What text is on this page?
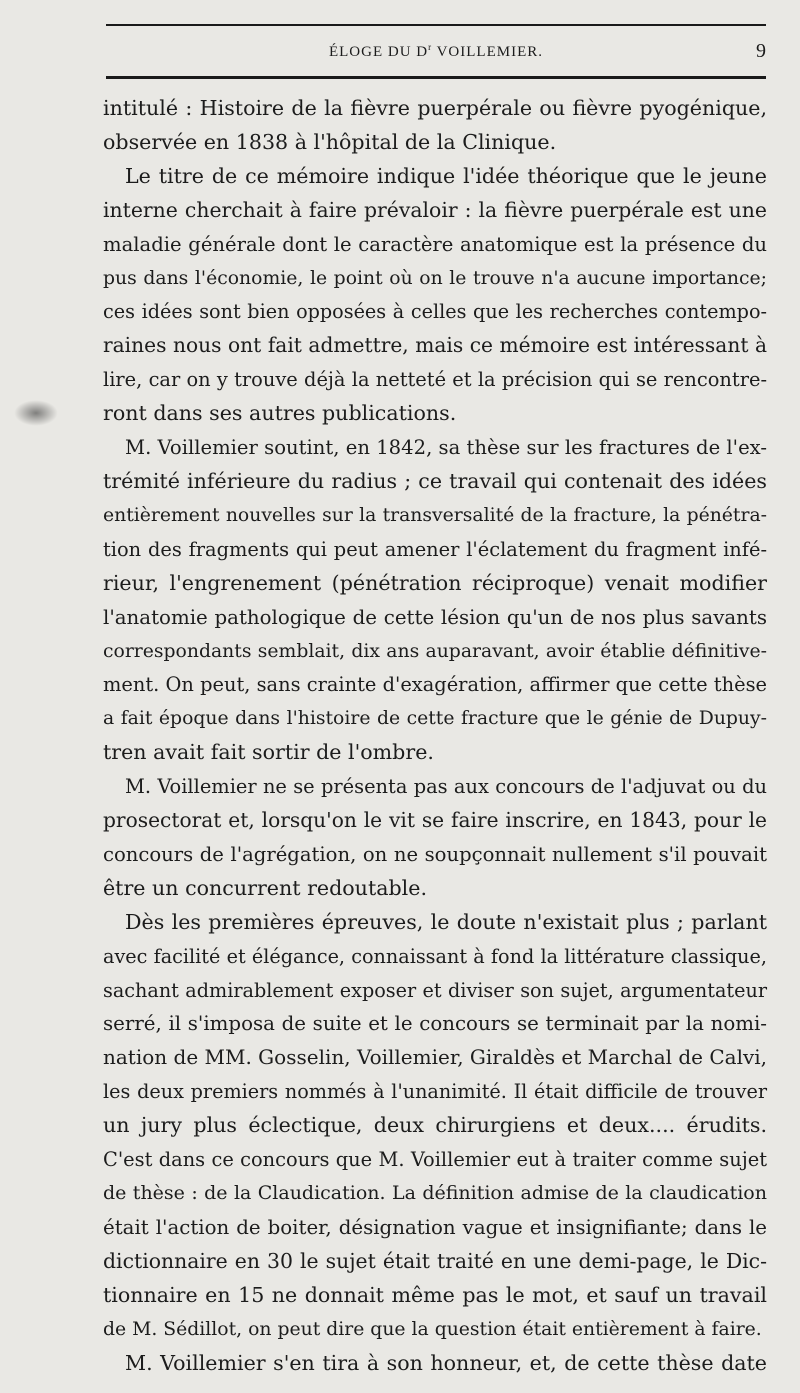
ÉLOGE DU $D^r$ VOILLEMIER.	9

intitulé : Histoire de la fièvre puerpérale ou fièvre pyogénique,

observée en 1838 à l'hôpital de la Clinique.

Le titre de ce mémoire indique l'idée théorique que le jeune

interne cherchait à faire prévaloir : la fièvre puerpérale est une

maladie générale dont le caractère anatomique est la présence du

pus dans l'économie, le point où on le trouve n'a aucune importance;

ces idées sont bien opposées à celles que les recherches contempo-

raines nous ont fait admettre, mais ce mémoire est intéressant à

lire, car on y trouve déjà la netteté et la précision qui se rencontre-

ront dans ses autres publications.

M. Voillemier soutint, en 1842, sa thèse sur les fractures de l'ex-

trémité inférieure du radius ; ce travail qui contenait des idées

entièrement nouvelles sur la transversalité de la fracture, la pénétra-

tion des fragments qui peut amener l'éclatement du fragment infé-

rieur, l'engrenement (pénétration réciproque) venait modifier

l'anatomie pathologique de cette lésion qu'un de nos plus savants

correspondants semblait, dix ans auparavant, avoir établie définitive-

ment. On peut, sans crainte d'exagération, affirmer que cette thèse

a fait époque dans l'histoire de cette fracture que le génie de Dupuy-

tren avait fait sortir de l'ombre.

M. Voillemier ne se présenta pas aux concours de l'adjuvat ou du

prosectorat et, lorsqu'on le vit se faire inscrire, en 1843, pour le

concours de l'agrégation, on ne soupçonnait nullement s'il pouvait

être un concurrent redoutable.

Dès les premières épreuves, le doute n'existait plus ; parlant

avec facilité et élégance, connaissant à fond la littérature classique,

sachant admirablement exposer et diviser son sujet, argumentateur

serré, il s'imposa de suite et le concours se terminait par la nomi-

nation de MM. Gosselin, Voillemier, Giraldès et Marchal de Calvi,

les deux premiers nommés à l'unanimité. Il était difficile de trouver

un jury plus éclectique, deux chirurgiens et deux.... érudits.

C'est dans ce concours que M. Voillemier eut à traiter comme sujet

de thèse : de la Claudication. La définition admise de la claudication

était l'action de boiter, désignation vague et insignifiante; dans le

dictionnaire en 30 le sujet était traité en une demi-page, le Dic-

tionnaire en 15 ne donnait même pas le mot, et sauf un travail

de M. Sédillot, on peut dire que la question était entièrement à faire.

M. Voillemier s'en tira à son honneur, et, de cette thèse date
